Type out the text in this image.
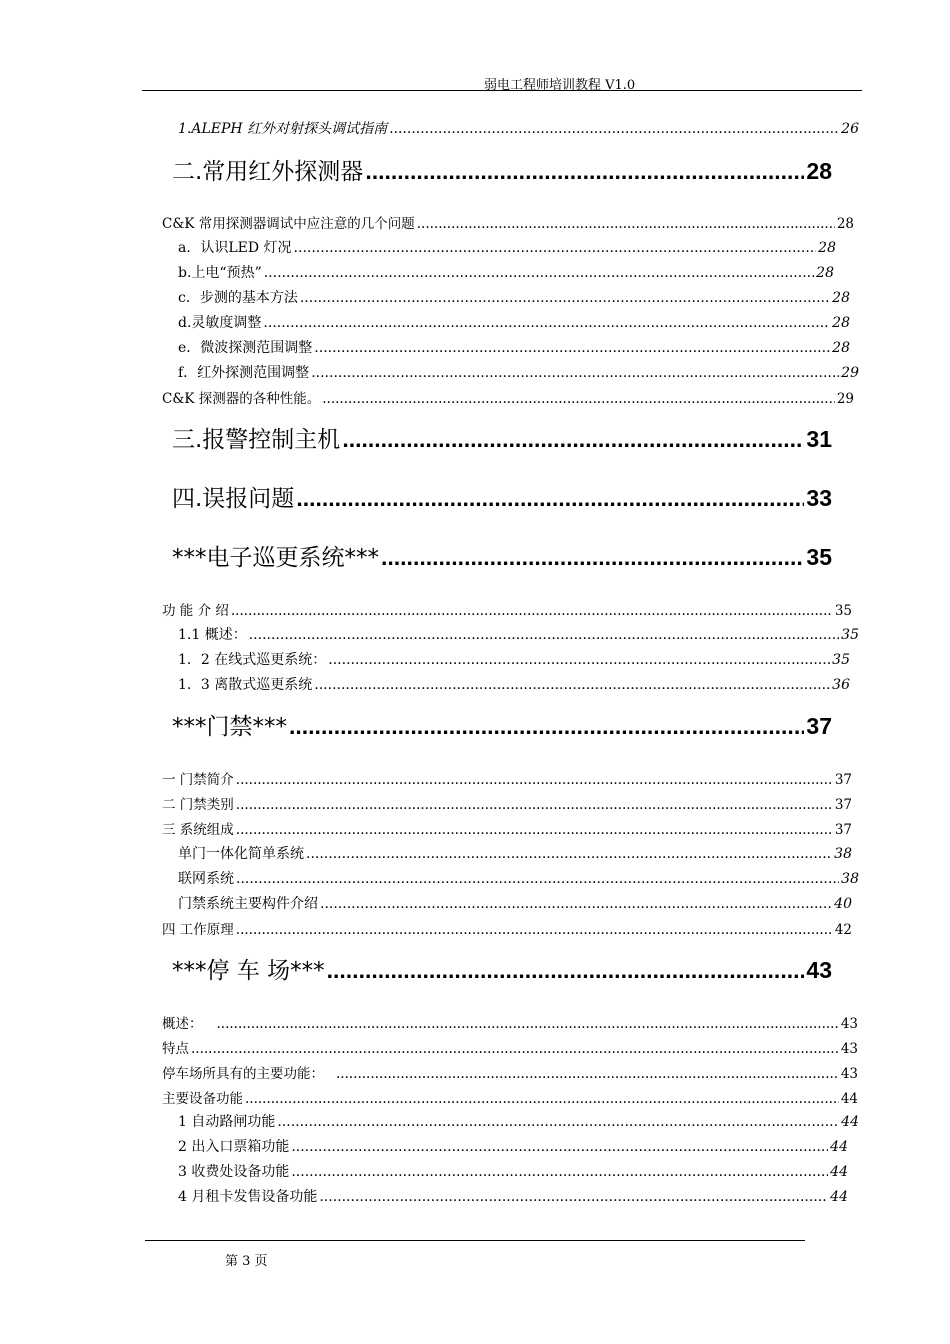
弱电工程师培训教程 V1.0
1.ALEPH 红外对射探头调试指南 .....	26
二.常用红外探测器 .....	28
C&K 常用探测器调试中应注意的几个问题 .....	28
a．认识LED 灯况 .....	28
b.上电“预热” .....	28
c．步测的基本方法 .....	28
d.灵敏度调整 .....	28
e．微波探测范围调整 .....	28
f．红外探测范围调整 .....	29
C&K 探测器的各种性能。 .....	29
三.报警控制主机 .....	31
四.误报问题 .....	33
***电子巡更系统*** .....	35
功 能 介 绍 .....	35
1.1 概述： .....	35
1．2 在线式巡更系统： .....	35
1．3 离散式巡更系统 .....	36
***门禁*** .....	37
一 门禁简介 .....	37
二 门禁类别 .....	37
三 系统组成 .....	37
单门一体化简单系统 .....	38
联网系统 .....	38
门禁系统主要构件介绍 .....	40
四 工作原理 .....	42
***停 车 场*** .....	43
概述： .....	43
特点 .....	43
停车场所具有的主要功能： .....	43
主要设备功能 .....	44
1 自动路闸功能 .....	44
2 出入口票箱功能 .....	44
3 收费处设备功能 .....	44
4 月租卡发售设备功能 .....	44
第 3 页
